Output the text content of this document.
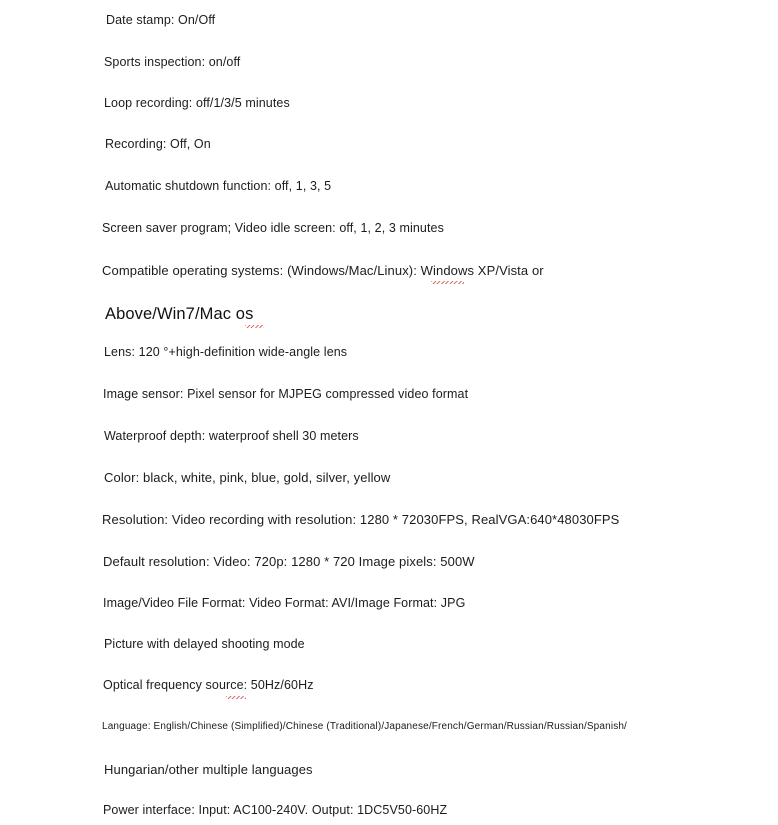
Date stamp: On/Off
Sports inspection: on/off
Loop recording: off/1/3/5 minutes
Recording: Off, On
Automatic shutdown function: off, 1, 3, 5
Screen saver program; Video idle screen: off, 1, 2, 3 minutes
Compatible operating systems: (Windows/Mac/Linux): Windows XP/Vista or
Above/Win7/Mac os
Lens: 120 °+high-definition wide-angle lens
Image sensor: Pixel sensor for MJPEG compressed video format
Waterproof depth: waterproof shell 30 meters
Color: black, white, pink, blue, gold, silver, yellow
Resolution: Video recording with resolution: 1280 * 72030FPS, RealVGA:640*48030FPS
Default resolution: Video: 720p: 1280 * 720 Image pixels: 500W
Image/Video File Format: Video Format: AVI/Image Format: JPG
Picture with delayed shooting mode
Optical frequency source: 50Hz/60Hz
Language: English/Chinese (Simplified)/Chinese (Traditional)/Japanese/French/German/Russian/Russian/Spanish/
Hungarian/other multiple languages
Power interface: Input: AC100-240V. Output: 1DC5V50-60HZ
